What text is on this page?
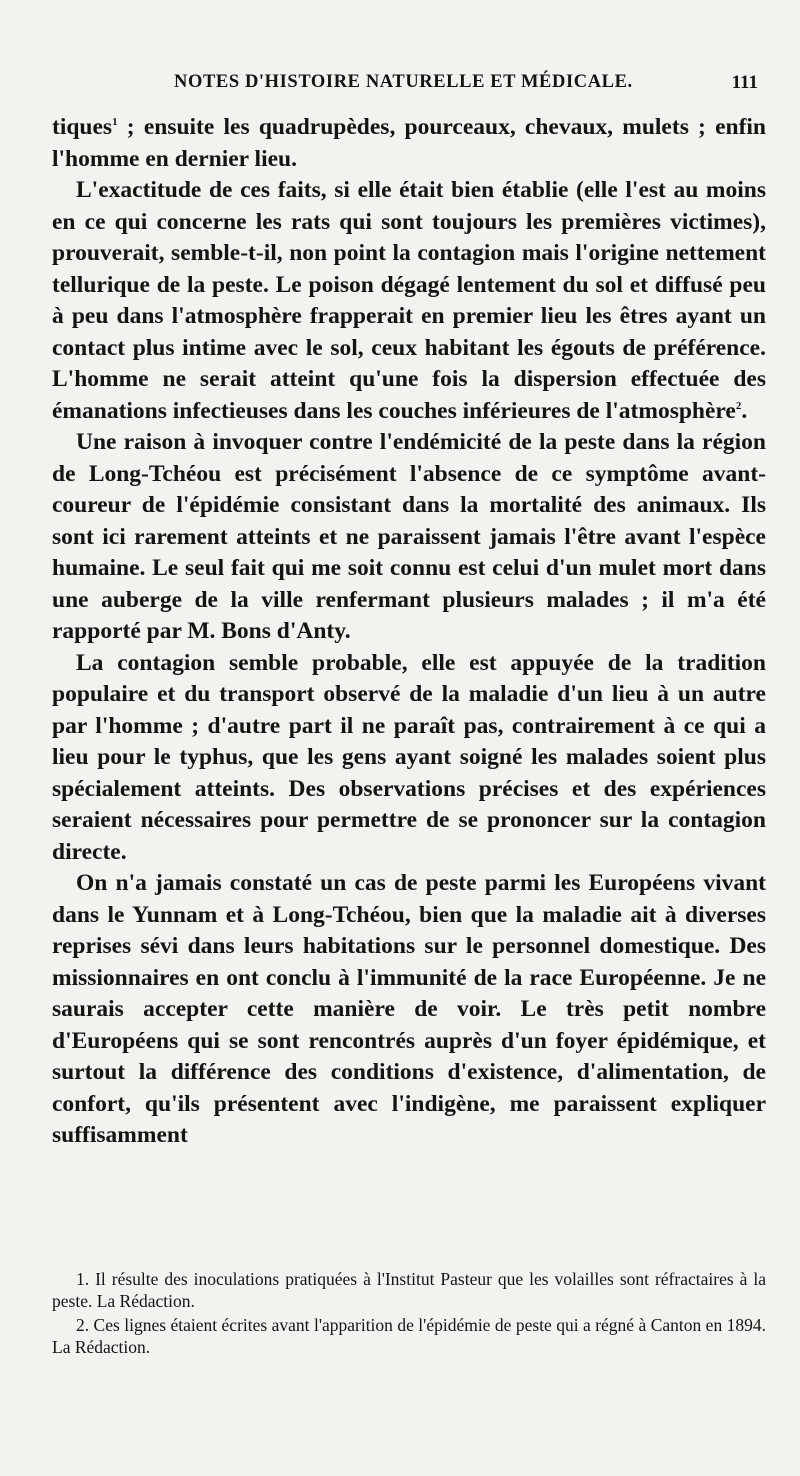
NOTES D'HISTOIRE NATURELLE ET MÉDICALE.	111

tiques$^1$ ; ensuite les quadrupèdes, pourceaux, chevaux, mulets ; enfin l'homme en dernier lieu.

L'exactitude de ces faits, si elle était bien établie (elle l'est au moins en ce qui concerne les rats qui sont toujours les premières victimes), prouverait, semble-t-il, non point la contagion mais l'origine nettement tellurique de la peste. Le poison dégagé lentement du sol et diffusé peu à peu dans l'atmosphère frapperait en premier lieu les êtres ayant un contact plus intime avec le sol, ceux habitant les égouts de préférence. L'homme ne serait atteint qu'une fois la dispersion effectuée des émanations infectieuses dans les couches inférieures de l'atmosphère$^2$.

Une raison à invoquer contre l'endémicité de la peste dans la région de Long-Tchéou est précisément l'absence de ce symptôme avant-coureur de l'épidémie consistant dans la mortalité des animaux. Ils sont ici rarement atteints et ne paraissent jamais l'être avant l'espèce humaine. Le seul fait qui me soit connu est celui d'un mulet mort dans une auberge de la ville renfermant plusieurs malades ; il m'a été rapporté par M. Bons d'Anty.

La contagion semble probable, elle est appuyée de la tradition populaire et du transport observé de la maladie d'un lieu à un autre par l'homme ; d'autre part il ne paraît pas, contrairement à ce qui a lieu pour le typhus, que les gens ayant soigné les malades soient plus spécialement atteints. Des observations précises et des expériences seraient nécessaires pour permettre de se prononcer sur la contagion directe.

On n'a jamais constaté un cas de peste parmi les Européens vivant dans le Yunnam et à Long-Tchéou, bien que la maladie ait à diverses reprises sévi dans leurs habitations sur le personnel domestique. Des missionnaires en ont conclu à l'immunité de la race Européenne. Je ne saurais accepter cette manière de voir. Le très petit nombre d'Européens qui se sont rencontrés auprès d'un foyer épidémique, et surtout la différence des conditions d'existence, d'alimentation, de confort, qu'ils présentent avec l'indigène, me paraissent expliquer suffisamment

1. Il résulte des inoculations pratiquées à l'Institut Pasteur que les volailles sont réfractaires à la peste. La Rédaction.

2. Ces lignes étaient écrites avant l'apparition de l'épidémie de peste qui a régné à Canton en 1894. La Rédaction.
